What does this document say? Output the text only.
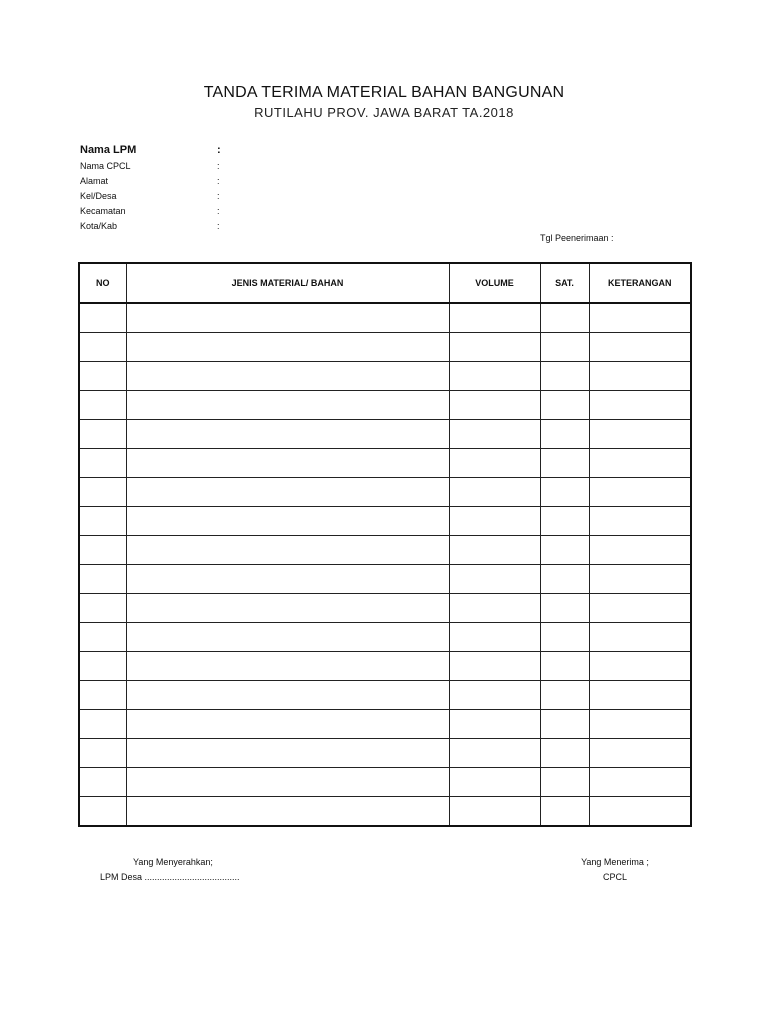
TANDA TERIMA MATERIAL BAHAN BANGUNAN
RUTILAHU PROV. JAWA BARAT TA.2018
Nama LPM	:
Nama CPCL	:
Alamat	:
Kel/Desa	:
Kecamatan	:
Kota/Kab	:
Tgl Peenerimaan :
NO	JENIS MATERIAL/ BAHAN	VOLUME	SAT.	KETERANGAN

Yang Menyerahkan;
LPM Desa ......................................
Yang Menerima ;
CPCL
